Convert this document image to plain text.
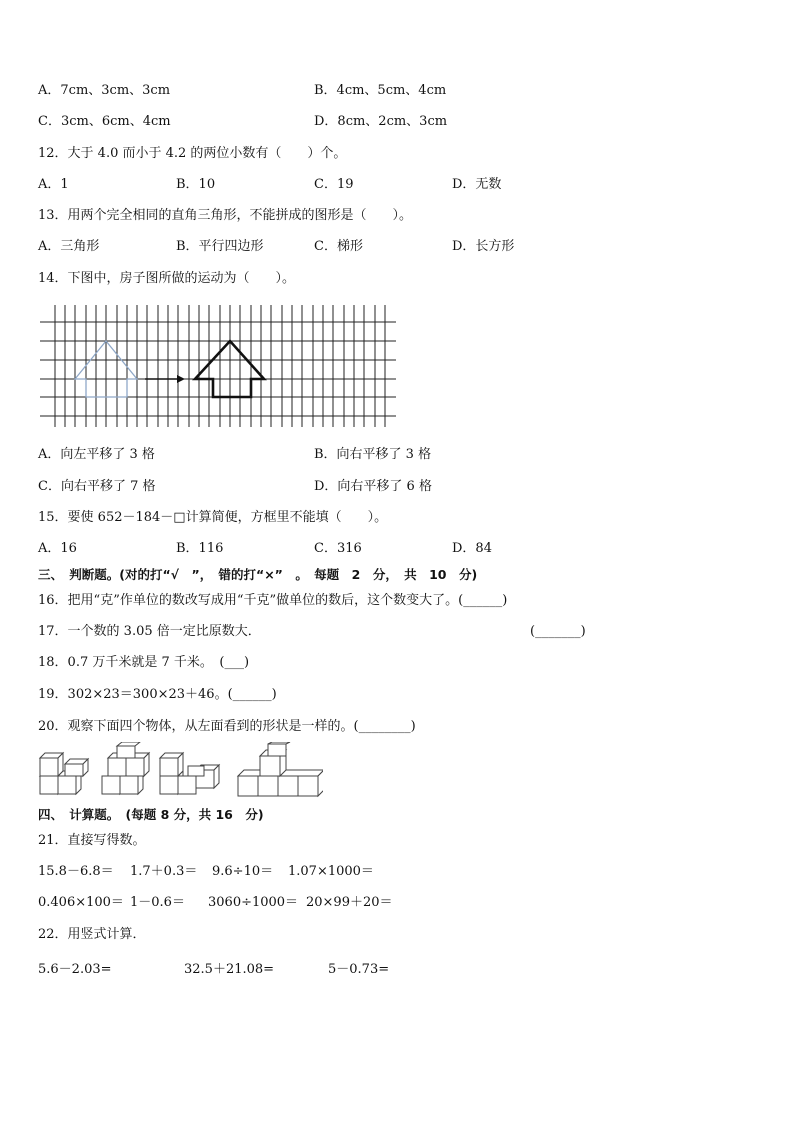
A．7cm、3cm、3cm	B．4cm、5cm、4cm
C．3cm、6cm、4cm	D．8cm、2cm、3cm
12．大于 4.0 而小于 4.2 的两位小数有（　　）个。
A．1	B．10	C．19	D．无数
13．用两个完全相同的直角三角形，不能拼成的图形是（　　）。
A．三角形	B．平行四边形	C．梯形	D．长方形
14．下图中，房子图所做的运动为（　　）。
A．向左平移了 3 格	B．向右平移了 3 格
C．向右平移了 7 格	D．向右平移了 6 格
15．要使 652－184－□计算简便，方框里不能填（　　）。
A．16	B．116	C．316	D．84
三、　判断题。(对的打“√　”，　错的打“×”　。　每题　2　分，　共　10　分)
16．把用“克”作单位的数改写成用“千克”做单位的数后，这个数变大了。(______)
17．一个数的 3.05 倍一定比原数大．	(_______)
18．0.7 万千米就是 7 千米。　(___)
19．302×23＝300×23＋46。(______)
20．观察下面四个物体，从左面看到的形状是一样的。(________)
四、　计算题。　(每题 8 分，共 16　分)
21．直接写得数。
15.8－6.8＝ 1.7＋0.3＝ 9.6÷10＝ 1.07×1000＝
0.406×100＝ 1－0.6＝ 3060÷1000＝ 20×99＋20＝
22．用竖式计算．
5.6－2.03=	32.5＋21.08=	5－0.73=
